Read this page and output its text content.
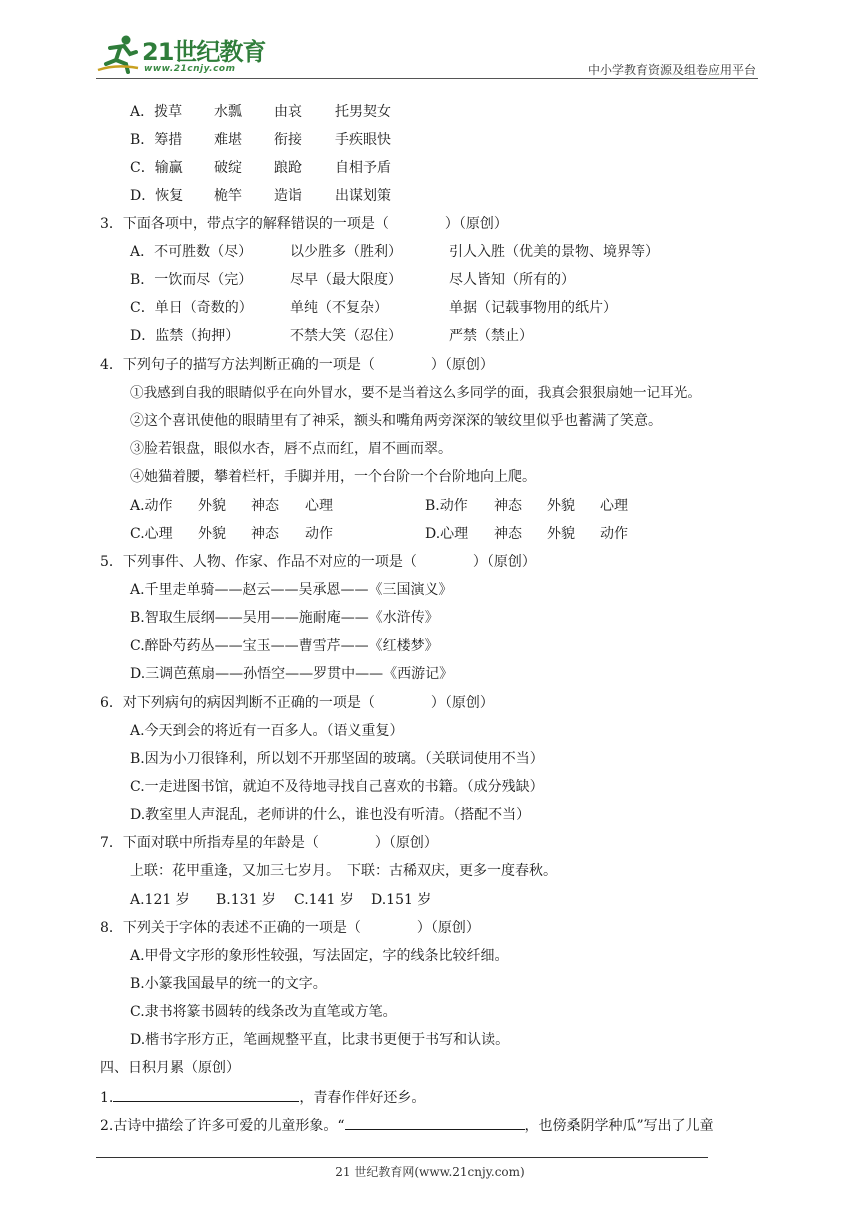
21世纪教育
www.21cnjy.com	中小学教育资源及组卷应用平台
A．拨草 水瓢 由哀 托男契女
B．筹措 难堪 衔接 手疾眼快
C．输赢 破绽 踉跄 自相予盾
D．恢复 桅竿 造诣 出谋划策
3．下面各项中，带点字的解释错误的一项是（　　　　）（原创）
A．不可胜数（尽）	以少胜多（胜利）	引人入胜（优美的景物、境界等）
B．一饮而尽（完）	尽早（最大限度）	尽人皆知（所有的）
C．单日（奇数的）	单纯（不复杂）	单据（记载事物用的纸片）
D．监禁（拘押）	不禁大笑（忍住）	严禁（禁止）
4．下列句子的描写方法判断正确的一项是（　　　　）（原创）
①我感到自我的眼睛似乎在向外冒水，要不是当着这么多同学的面，我真会狠狠扇她一记耳光。
②这个喜讯使他的眼睛里有了神采，额头和嘴角两旁深深的皱纹里似乎也蓄满了笑意。
③脸若银盘，眼似水杏，唇不点而红，眉不画而翠。
④她猫着腰，攀着栏杆，手脚并用，一个台阶一个台阶地向上爬。
A.动作 外貌 神态 心理	B.动作 神态 外貌 心理
C.心理 外貌 神态 动作	D.心理 神态 外貌 动作
5．下列事件、人物、作家、作品不对应的一项是（　　　　）（原创）
A.千里走单骑——赵云——吴承恩——《三国演义》
B.智取生辰纲——吴用——施耐庵——《水浒传》
C.醉卧芍药丛——宝玉——曹雪芹——《红楼梦》
D.三调芭蕉扇——孙悟空——罗贯中——《西游记》
6．对下列病句的病因判断不正确的一项是（　　　　）（原创）
A.今天到会的将近有一百多人。（语义重复）
B.因为小刀很锋利，所以划不开那坚固的玻璃。（关联词使用不当）
C.一走进图书馆，就迫不及待地寻找自己喜欢的书籍。（成分残缺）
D.教室里人声混乱，老师讲的什么，谁也没有听清。（搭配不当）
7．下面对联中所指寿星的年龄是（　　　　）（原创）
上联：花甲重逢，又加三七岁月。　下联：古稀双庆，更多一度春秋。
A.121 岁 B.131 岁 C.141 岁 D.151 岁
8．下列关于字体的表述不正确的一项是（　　　　）（原创）
A.甲骨文字形的象形性较强，写法固定，字的线条比较纤细。
B.小篆我国最早的统一的文字。
C.隶书将篆书圆转的线条改为直笔或方笔。
D.楷书字形方正，笔画规整平直，比隶书更便于书写和认读。
四、日积月累（原创）
1.	，青春作伴好还乡。
2.古诗中描绘了许多可爱的儿童形象。“	，也傍桑阴学种瓜”写出了儿童
21 世纪教育网(www.21cnjy.com)
